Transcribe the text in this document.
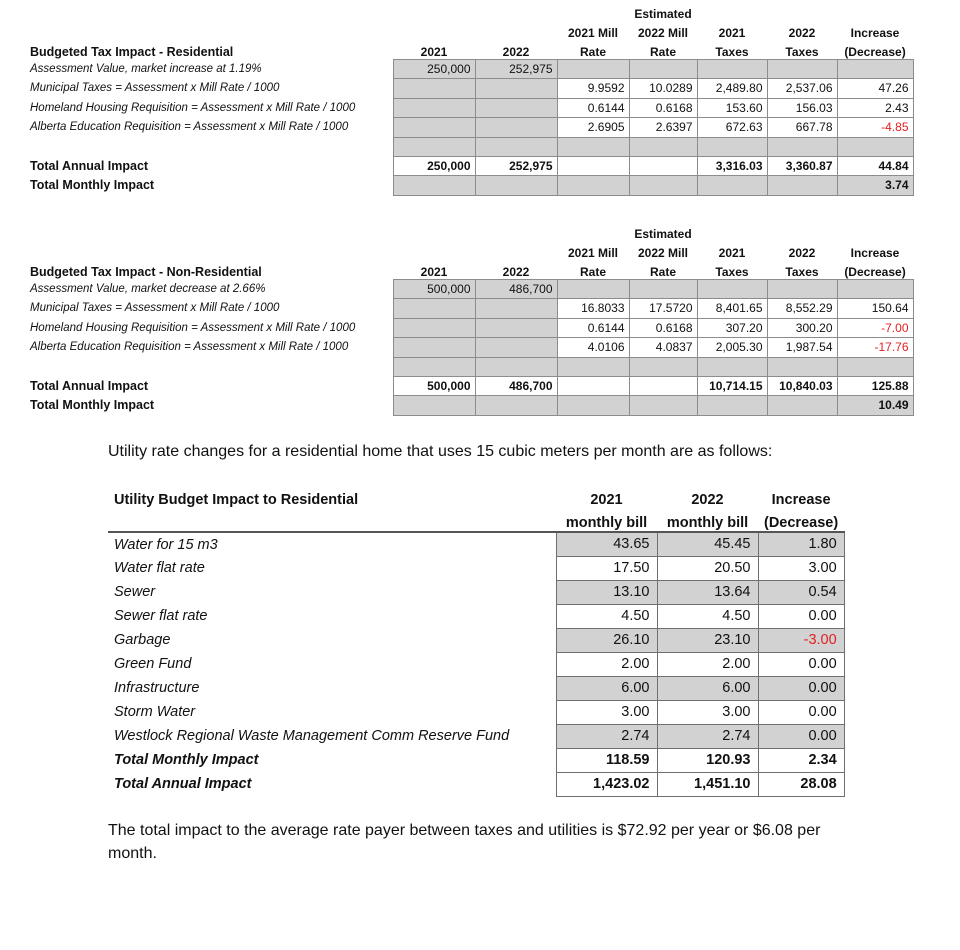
				Estimated			
			2021 Mill	2022 Mill	2021	2022	Increase
Budgeted Tax Impact - Residential	2021	2022	Rate	Rate	Taxes	Taxes	(Decrease)
Assessment Value, market increase at 1.19%	250,000	252,975					
Municipal Taxes = Assessment x Mill Rate / 1000			9.9592	10.0289	2,489.80	2,537.06	47.26
Homeland Housing Requisition = Assessment x Mill Rate / 1000			0.6144	0.6168	153.60	156.03	2.43
Alberta Education Requisition = Assessment x Mill Rate / 1000			2.6905	2.6397	672.63	667.78	-4.85

Total Annual Impact	250,000	252,975			3,316.03	3,360.87	44.84
Total Monthly Impact							3.74
				Estimated			
			2021 Mill	2022 Mill	2021	2022	Increase
Budgeted Tax Impact - Non-Residential	2021	2022	Rate	Rate	Taxes	Taxes	(Decrease)
Assessment Value, market decrease at 2.66%	500,000	486,700					
Municipal Taxes = Assessment x Mill Rate / 1000			16.8033	17.5720	8,401.65	8,552.29	150.64
Homeland Housing Requisition = Assessment x Mill Rate / 1000			0.6144	0.6168	307.20	300.20	-7.00
Alberta Education Requisition = Assessment x Mill Rate / 1000			4.0106	4.0837	2,005.30	1,987.54	-17.76

Total Annual Impact	500,000	486,700			10,714.15	10,840.03	125.88
Total Monthly Impact							10.49
Utility rate changes for a residential home that uses 15 cubic meters per month are as follows:
Utility Budget Impact to Residential	2021	2022	Increase
	monthly bill	monthly bill	(Decrease)
Water for 15 m3	43.65	45.45	1.80
Water flat rate	17.50	20.50	3.00
Sewer	13.10	13.64	0.54
Sewer flat rate	4.50	4.50	0.00
Garbage	26.10	23.10	-3.00
Green Fund	2.00	2.00	0.00
Infrastructure	6.00	6.00	0.00
Storm Water	3.00	3.00	0.00
Westlock Regional Waste Management Comm Reserve Fund	2.74	2.74	0.00
Total Monthly Impact	118.59	120.93	2.34
Total Annual Impact	1,423.02	1,451.10	28.08
The total impact to the average rate payer between taxes and utilities is $72.92 per year or $6.08 per month.
